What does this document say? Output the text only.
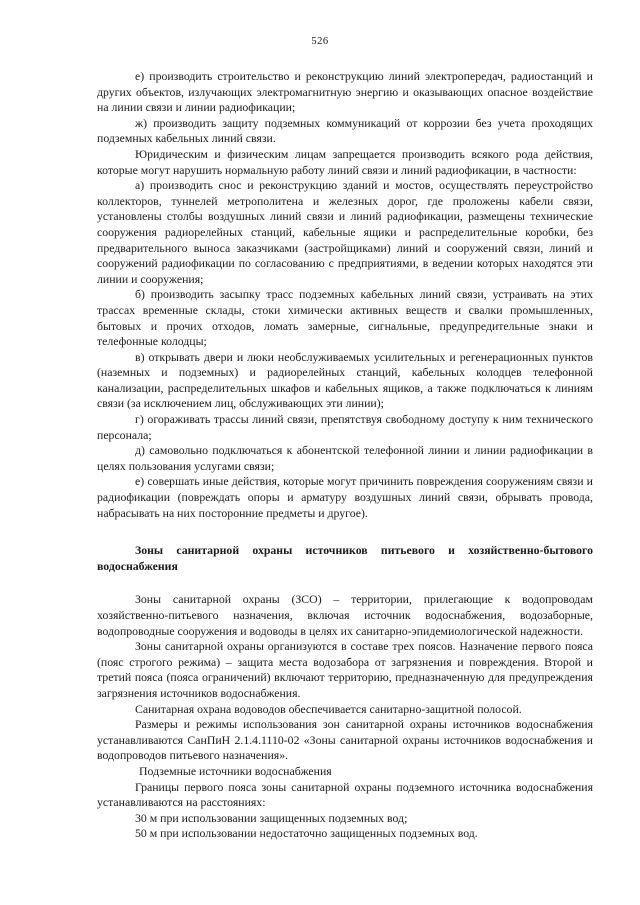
526

е) производить строительство и реконструкцию линий электропередач, радиостанций и других объектов, излучающих электромагнитную энергию и оказывающих опасное воздействие на линии связи и линии радиофикации;

ж) производить защиту подземных коммуникаций от коррозии без учета проходящих подземных кабельных линий связи.

Юридическим и физическим лицам запрещается производить всякого рода действия, которые могут нарушить нормальную работу линий связи и линий радиофикации, в частности:

а) производить снос и реконструкцию зданий и мостов, осуществлять переустройство коллекторов, туннелей метрополитена и железных дорог, где проложены кабели связи, установлены столбы воздушных линий связи и линий радиофикации, размещены технические сооружения радиорелейных станций, кабельные ящики и распределительные коробки, без предварительного выноса заказчиками (застройщиками) линий и сооружений связи, линий и сооружений радиофикации по согласованию с предприятиями, в ведении которых находятся эти линии и сооружения;

б) производить засыпку трасс подземных кабельных линий связи, устраивать на этих трассах временные склады, стоки химически активных веществ и свалки промышленных, бытовых и прочих отходов, ломать замерные, сигнальные, предупредительные знаки и телефонные колодцы;

в) открывать двери и люки необслуживаемых усилительных и регенерационных пунктов (наземных и подземных) и радиорелейных станций, кабельных колодцев телефонной канализации, распределительных шкафов и кабельных ящиков, а также подключаться к линиям связи (за исключением лиц, обслуживающих эти линии);

г) огораживать трассы линий связи, препятствуя свободному доступу к ним технического персонала;

д) самовольно подключаться к абонентской телефонной линии и линии радиофикации в целях пользования услугами связи;

е) совершать иные действия, которые могут причинить повреждения сооружениям связи и радиофикации (повреждать опоры и арматуру воздушных линий связи, обрывать провода, набрасывать на них посторонние предметы и другое).

Зоны санитарной охраны источников питьевого и хозяйственно-бытового водоснабжения

Зоны санитарной охраны (ЗСО) – территории, прилегающие к водопроводам хозяйственно-питьевого назначения, включая источник водоснабжения, водозаборные, водопроводные сооружения и водоводы в целях их санитарно-эпидемиологической надежности.

Зоны санитарной охраны организуются в составе трех поясов. Назначение первого пояса (пояс строгого режима) – защита места водозабора от загрязнения и повреждения. Второй и третий пояса (пояса ограничений) включают территорию, предназначенную для предупреждения загрязнения источников водоснабжения.

Санитарная охрана водоводов обеспечивается санитарно-защитной полосой.

Размеры и режимы использования зон санитарной охраны источников водоснабжения устанавливаются СанПиН 2.1.4.1110-02 «Зоны санитарной охраны источников водоснабжения и водопроводов питьевого назначения».

Подземные источники водоснабжения

Границы первого пояса зоны санитарной охраны подземного источника водоснабжения устанавливаются на расстояниях:

30 м при использовании защищенных подземных вод;

50 м при использовании недостаточно защищенных подземных вод.
